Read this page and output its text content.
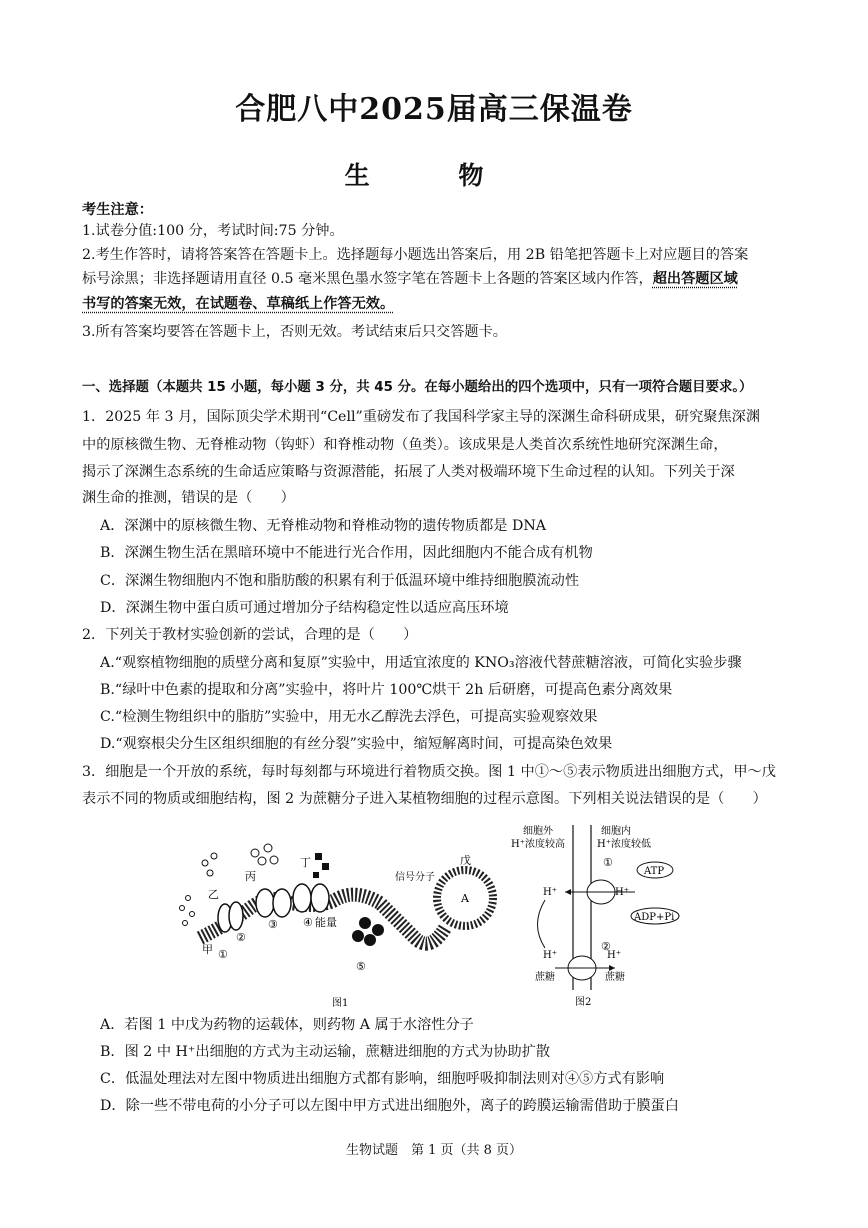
合肥八中2025届高三保温卷
生 物
考生注意：
1.试卷分值:100 分，考试时间:75 分钟。
2.考生作答时，请将答案答在答题卡上。选择题每小题选出答案后，用 2B 铅笔把答题卡上对应题目的答案
标号涂黑；非选择题请用直径 0.5 毫米黑色墨水签字笔在答题卡上各题的答案区域内作答，超出答题区域
书写的答案无效，在试题卷、草稿纸上作答无效。
3.所有答案均要答在答题卡上，否则无效。考试结束后只交答题卡。
一、选择题（本题共 15 小题，每小题 3 分，共 45 分。在每小题给出的四个选项中，只有一项符合题目要求。）
1．2025 年 3 月，国际顶尖学术期刊“Cell”重磅发布了我国科学家主导的深渊生命科研成果，研究聚焦深渊
中的原核微生物、无脊椎动物（钩虾）和脊椎动物（鱼类）。该成果是人类首次系统性地研究深渊生命，
揭示了深渊生态系统的生命适应策略与资源潜能，拓展了人类对极端环境下生命过程的认知。下列关于深
渊生命的推测，错误的是（　　）
A．深渊中的原核微生物、无脊椎动物和脊椎动物的遗传物质都是 DNA
B．深渊生物生活在黑暗环境中不能进行光合作用，因此细胞内不能合成有机物
C．深渊生物细胞内不饱和脂肪酸的积累有利于低温环境中维持细胞膜流动性
D．深渊生物中蛋白质可通过增加分子结构稳定性以适应高压环境
2．下列关于教材实验创新的尝试，合理的是（　　）
A.“观察植物细胞的质壁分离和复原”实验中，用适宜浓度的 KNO₃溶液代替蔗糖溶液，可简化实验步骤
B.“绿叶中色素的提取和分离”实验中，将叶片 100℃烘干 2h 后研磨，可提高色素分离效果
C.“检测生物组织中的脂肪”实验中，用无水乙醇洗去浮色，可提高实验观察效果
D.“观察根尖分生区组织细胞的有丝分裂”实验中，缩短解离时间，可提高染色效果
3．细胞是一个开放的系统，每时每刻都与环境进行着物质交换。图 1 中①～⑤表示物质进出细胞方式，甲～戊
表示不同的物质或细胞结构，图 2 为蔗糖分子进入某植物细胞的过程示意图。下列相关说法错误的是（　　）
甲
乙
丙
丁	戊
信号分子
A
能量
①
②
③ ④
⑤
图1
细胞外
H⁺浓度较高
细胞内
H⁺浓度较低
ATP
ADP+Pi
H⁺	H⁺
H⁺	H⁺
蔗糖	蔗糖
①
②
图2
A．若图 1 中戊为药物的运载体，则药物 A 属于水溶性分子
B．图 2 中 H⁺出细胞的方式为主动运输，蔗糖进细胞的方式为协助扩散
C．低温处理法对左图中物质进出细胞方式都有影响，细胞呼吸抑制法则对④⑤方式有影响
D．除一些不带电荷的小分子可以左图中甲方式进出细胞外，离子的跨膜运输需借助于膜蛋白
生物试题　第 1 页（共 8 页）
